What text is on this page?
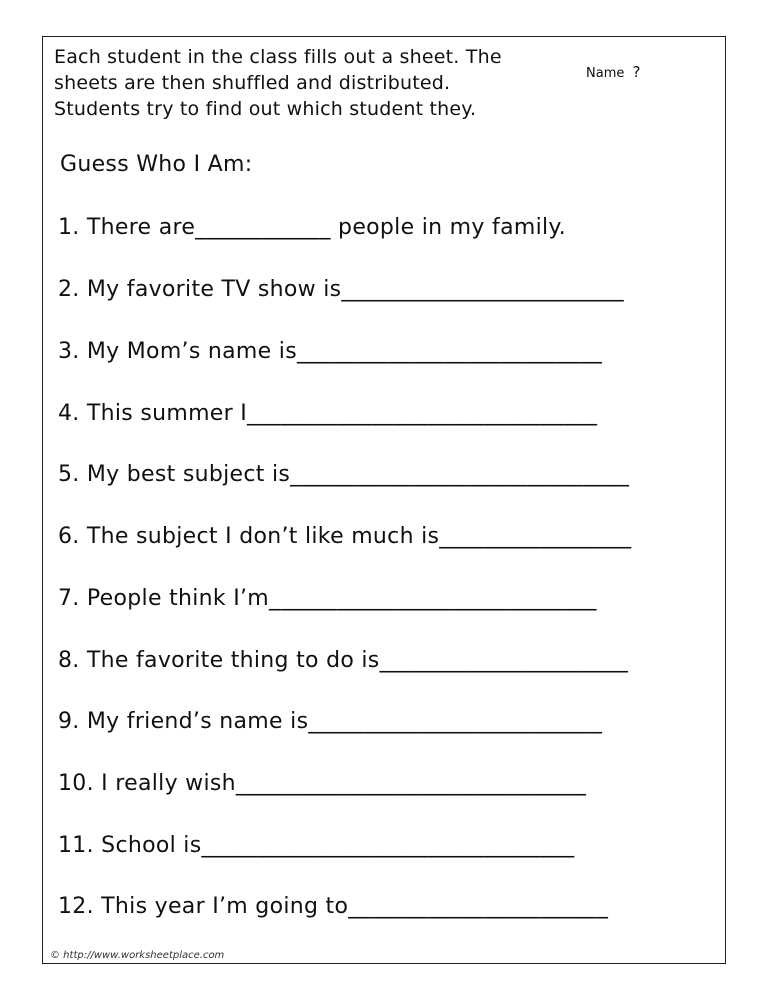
Each student in the class fills out a sheet. The
sheets are then shuffled and distributed.
Students try to find out which student they.

Name ?
Guess Who I Am:

1. There are____________ people in my family.

2. My favorite TV show is_________________________

3. My Mom’s name is___________________________

4. This summer I_______________________________

5. My best subject is______________________________

6. The subject I don’t like much is_________________

7. People think I’m_____________________________

8. The favorite thing to do is______________________

9. My friend’s name is__________________________

10. I really wish_______________________________

11. School is_________________________________

12. This year I’m going to_______________________

© http://www.worksheetplace.com
